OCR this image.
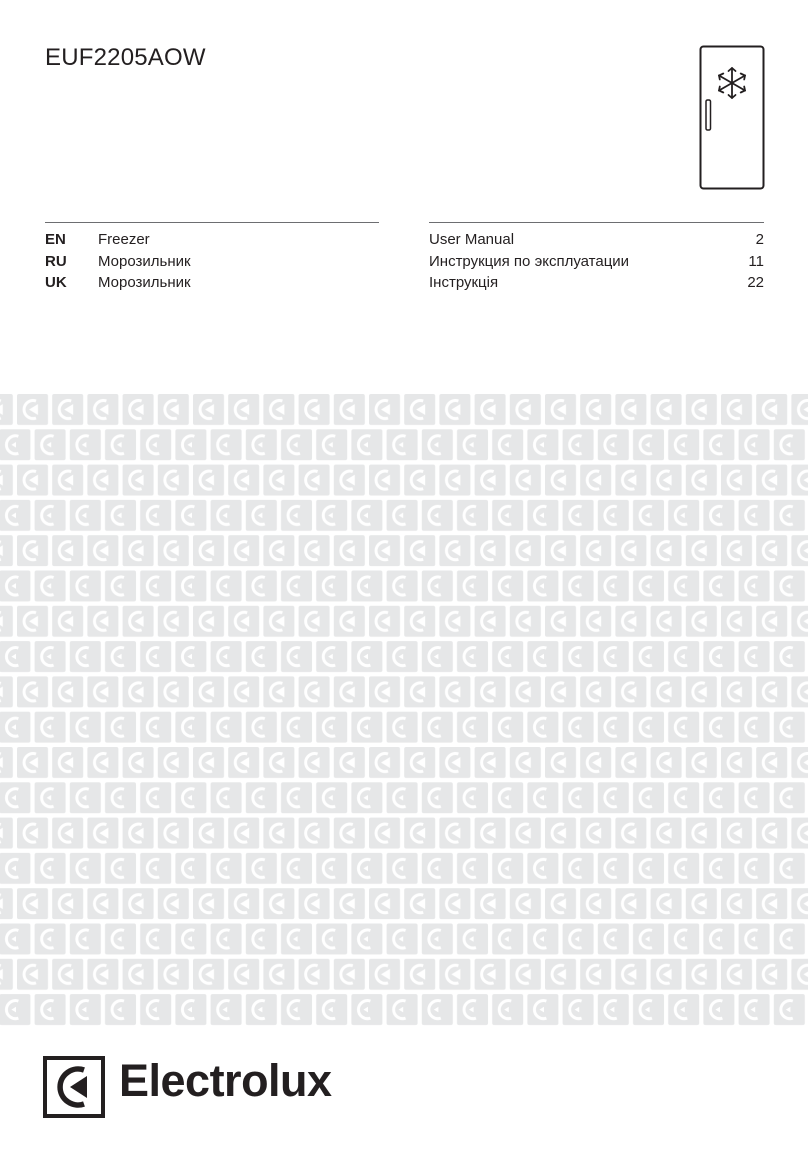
EUF2205AOW
EN	Freezer
RU	Морозильник
UK	Морозильник
User Manual	2
Инструкция по эксплуатации	11
Інструкція	22
Electrolux
